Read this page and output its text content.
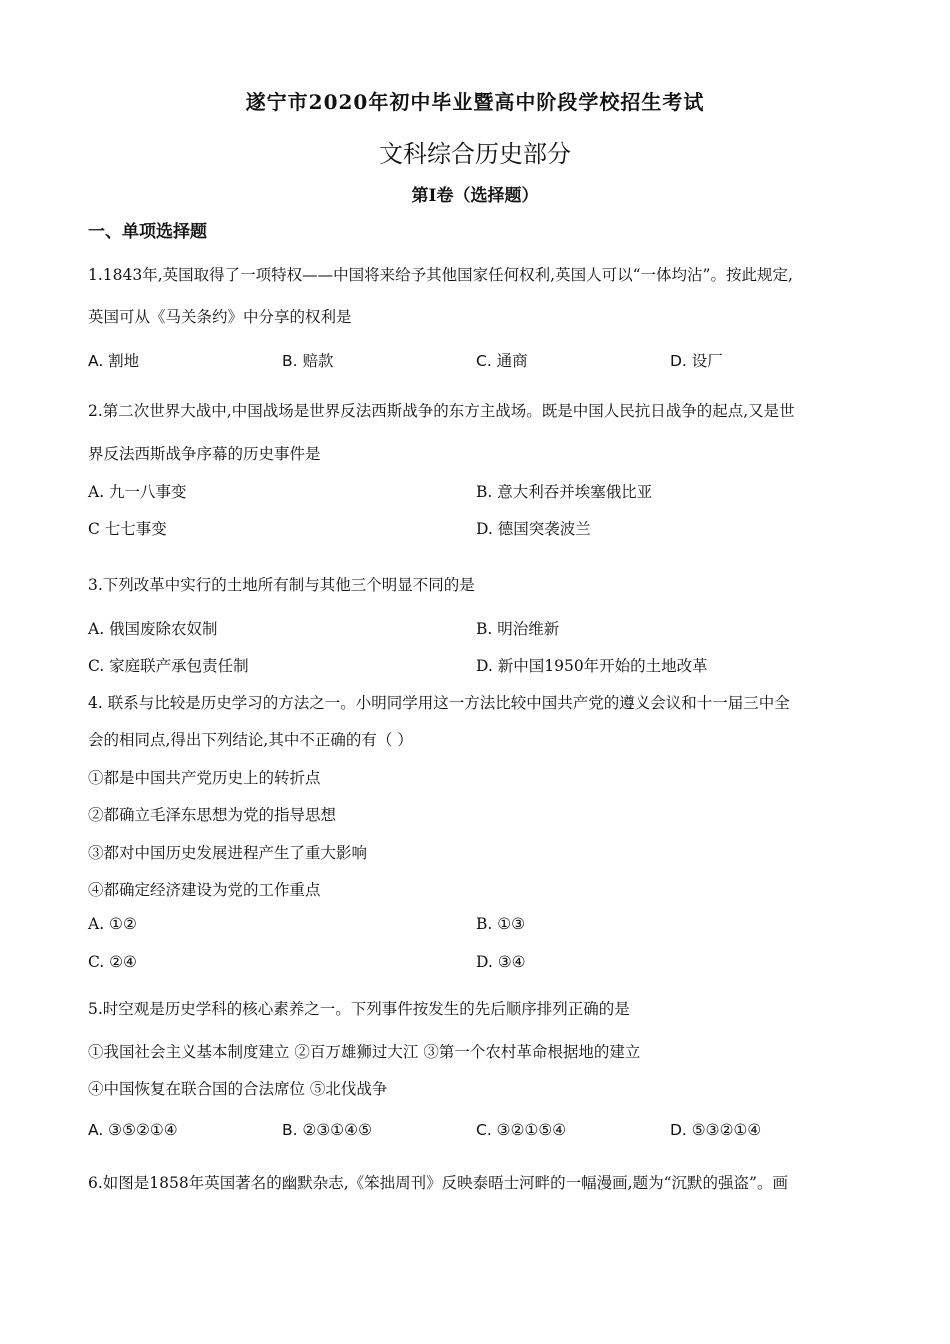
遂宁市2020年初中毕业暨高中阶段学校招生考试
文科综合历史部分
第Ⅰ卷（选择题）
一、单项选择题
1.1843年,英国取得了一项特权——中国将来给予其他国家任何权利,英国人可以“一体均沾”。按此规定,
英国可从《马关条约》中分享的权利是
A. 割地	B. 赔款	C. 通商	D. 设厂
2.第二次世界大战中,中国战场是世界反法西斯战争的东方主战场。既是中国人民抗日战争的起点,又是世
界反法西斯战争序幕的历史事件是
A. 九一八事变	B. 意大利吞并埃塞俄比亚
C 七七事变	D. 德国突袭波兰
3.下列改革中实行的土地所有制与其他三个明显不同的是
A. 俄国废除农奴制	B. 明治维新
C. 家庭联产承包责任制	D. 新中国1950年开始的土地改革
4. 联系与比较是历史学习的方法之一。小明同学用这一方法比较中国共产党的遵义会议和十一届三中全
会的相同点,得出下列结论,其中不正确的有（ ）
①都是中国共产党历史上的转折点
②都确立毛泽东思想为党的指导思想
③都对中国历史发展进程产生了重大影响
④都确定经济建设为党的工作重点
A. ①②	B. ①③
C. ②④	D. ③④
5.时空观是历史学科的核心素养之一。下列事件按发生的先后顺序排列正确的是
①我国社会主义基本制度建立 ②百万雄狮过大江 ③第一个农村革命根据地的建立
④中国恢复在联合国的合法席位 ⑤北伐战争
A. ③⑤②①④	B. ②③①④⑤	C. ③②①⑤④	D. ⑤③②①④
6.如图是1858年英国著名的幽默杂志,《笨拙周刊》反映泰晤士河畔的一幅漫画,题为“沉默的强盗”。画
